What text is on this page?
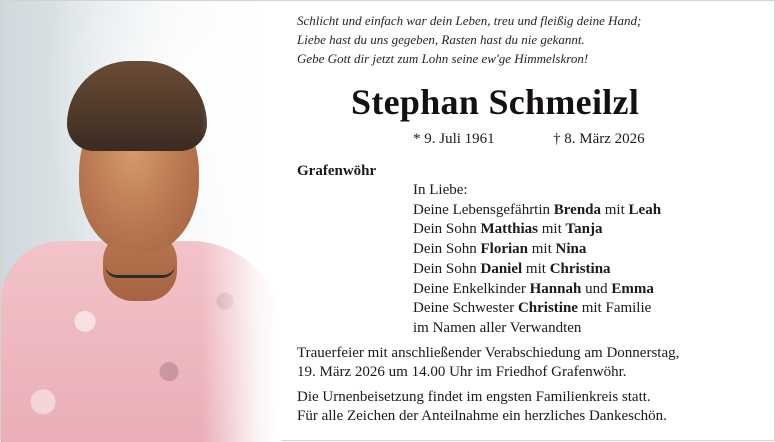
Schlicht und einfach war dein Leben, treu und fleißig deine Hand;
Liebe hast du uns gegeben, Rasten hast du nie gekannt.
Gebe Gott dir jetzt zum Lohn seine ew'ge Himmelskron!
Stephan Schmeilzl
* 9. Juli 1961	† 8. März 2026
Grafenwöhr
In Liebe:
Deine Lebensgefährtin Brenda mit Leah
Dein Sohn Matthias mit Tanja
Dein Sohn Florian mit Nina
Dein Sohn Daniel mit Christina
Deine Enkelkinder Hannah und Emma
Deine Schwester Christine mit Familie
im Namen aller Verwandten
Trauerfeier mit anschließender Verabschiedung am Donnerstag,
19. März 2026 um 14.00 Uhr im Friedhof Grafenwöhr.
Die Urnenbeisetzung findet im engsten Familienkreis statt.
Für alle Zeichen der Anteilnahme ein herzliches Dankeschön.
